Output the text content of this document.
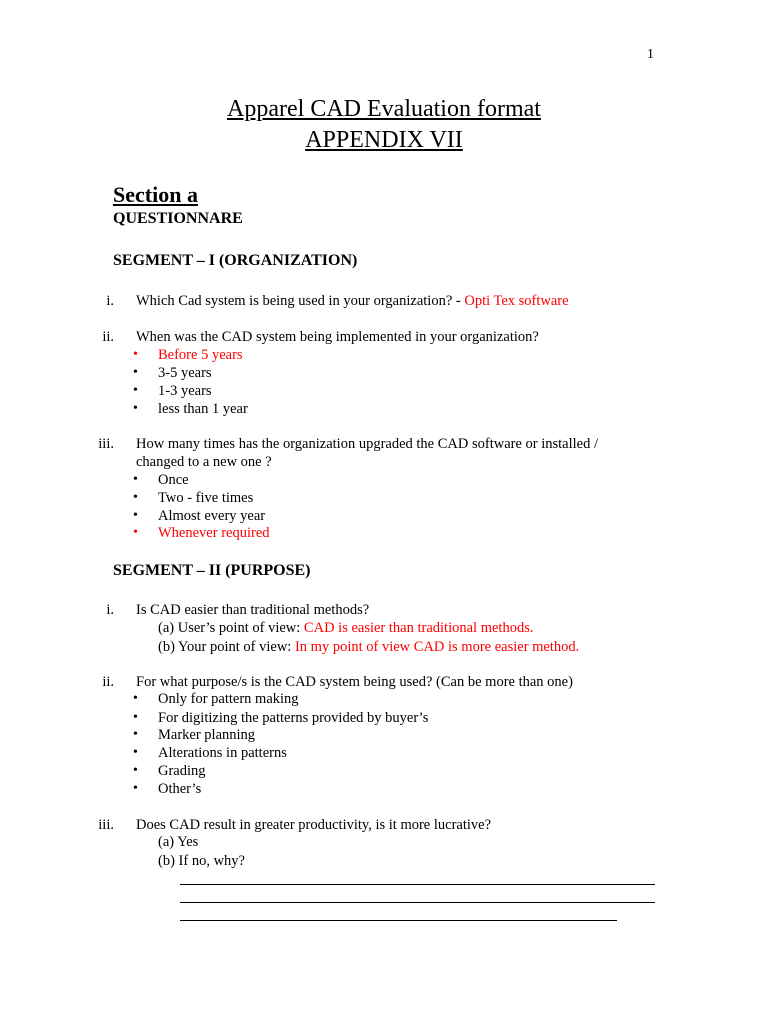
1
Apparel CAD Evaluation format
APPENDIX VII
Section a
QUESTIONNARE
SEGMENT – I (ORGANIZATION)
i. Which Cad system is being used in your organization? - Opti Tex software
ii. When was the CAD system being implemented in your organization?
• Before 5 years
• 3-5 years
• 1-3 years
• less than 1 year
iii. How many times has the organization upgraded the CAD software or installed /
changed to a new one ?
• Once
• Two - five times
• Almost every year
• Whenever required
SEGMENT – II (PURPOSE)
i. Is CAD easier than traditional methods?
(a) User’s point of view: CAD is easier than traditional methods.
(b) Your point of view: In my point of view CAD is more easier method.
ii. For what purpose/s is the CAD system being used? (Can be more than one)
• Only for pattern making
• For digitizing the patterns provided by buyer’s
• Marker planning
• Alterations in patterns
• Grading
• Other’s
iii. Does CAD result in greater productivity, is it more lucrative?
(a) Yes
(b) If no, why?
